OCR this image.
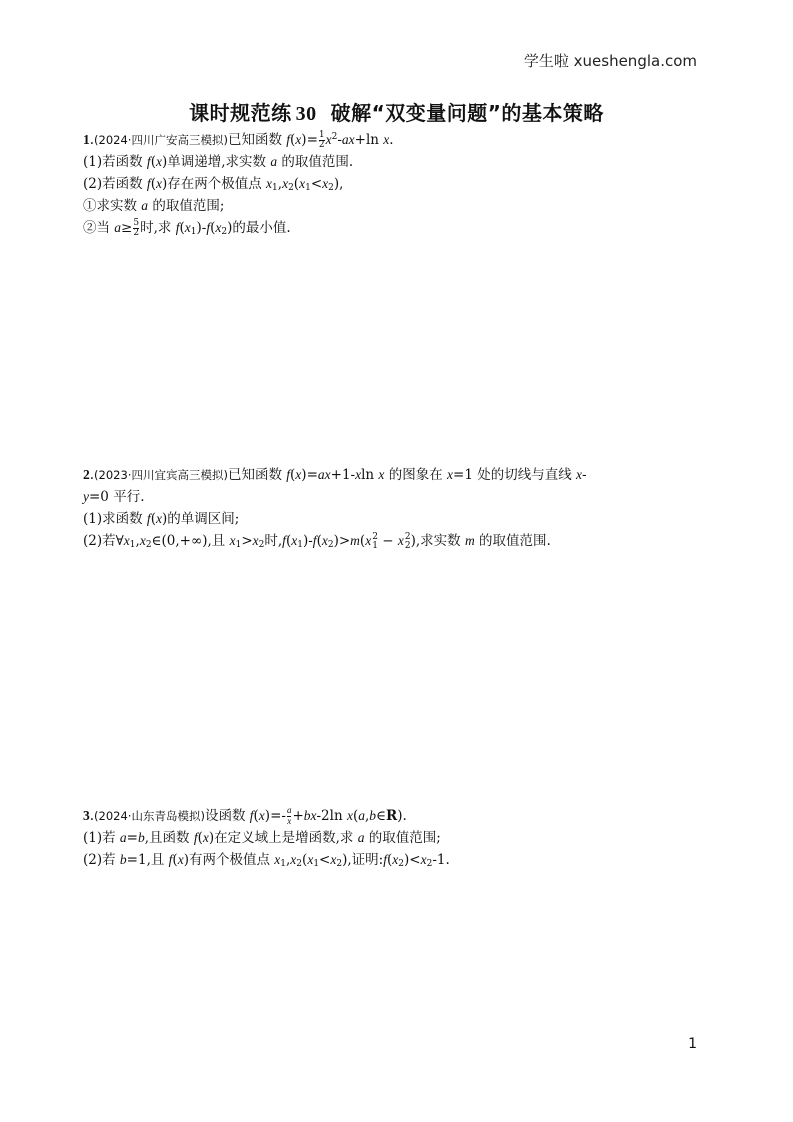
学生啦 xueshengla.com
课时规范练 30 破解“双变量问题”的基本策略
1.(2024·四川广安高三模拟)已知函数 $f(x)= \frac{1}{2} x^2-ax+\ln$ x.
(1)若函数 f(x)单调递增,求实数 a 的取值范围.
(2)若函数 f(x)存在两个极值点 $x_1,x_2(x_1<x_2)$,
①求实数 a 的取值范围;
②当 $a\ge \frac{5}{2}$ 时,求 $f(x_1)-f(x_2)$的最小值.
2.(2023·四川宜宾高三模拟)已知函数 f(x)=ax+1-xln x 的图象在 x=1 处的切线与直线 x-
y=0 平行.
(1)求函数 f(x)的单调区间;
(2)若$\forall x_1,x_2\in(0,+\infty)$,且 $x_1>x_2$时$,f(x_1)-f(x_2)>m(x$ 2
1 − x 2
2 ),求实数 m 的取值范围.
3.(2024·山东青岛模拟)设函数 $f(x)=- \frac{a}{x} +bx-2\ln$ x(a,b∈R).
(1)若 a=b,且函数 f(x)在定义域上是增函数,求 a 的取值范围;
(2)若 b=1,且 f(x)有两个极值点 $x_1,x_2(x_1<x_2)$,证明$:f(x_2)<x_2-1$.
1
